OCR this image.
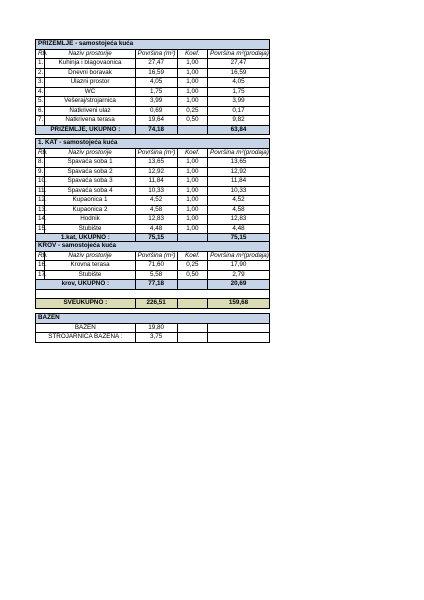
PRIZEMLJE - samostojeća kuća				
Rb.	Naziv prostorije	Površina (m²)	Koef.	Površina m²(prodaja)
1.	Kuhinja i blagovaonica	27,47	1,00	27,47
2.	Dnevni boravak	16,59	1,00	16,59
3.	Ulazni prostor	4,05	1,00	4,05
4.	WC	1,75	1,00	1,75
5.	Vešeraj/strojarnica	3,99	1,00	3,99
6.	Natkriveni ulaz	0,69	0,25	0,17
7.	Natkrivena terasa	19,64	0,50	9,82
PRIZEMLJE, UKUPNO :		74,18		63,84
1. KAT - samostojeća kuća				
Rb.	Naziv prostorije	Površina (m²)	Koef.	Površina m²(prodaja)
8.	Spavaća soba 1	13,65	1,00	13,65
9.	Spavaća soba 2	12,92	1,00	12,92
10.	Spavaća soba 3	11,84	1,00	11,84
11.	Spavaća soba 4	10,33	1,00	10,33
12.	Kupaonica 1	4,52	1,00	4,52
13.	Kupaonica 2	4,58	1,00	4,58
14.	Hodnik	12,83	1,00	12,83
15.	Stubište	4,48	1,00	4,48
1.kat, UKUPNO :		75,15		75,15
KROV - samostojeća kuća				
Rb.	Naziv prostorije	Površina (m²)	Koef.	Površina m²(prodaja)
16.	Krovna terasa	71,60	0,25	17,90
17.	Stubište	5,58	0,50	2,79
krov, UKUPNO :		77,18		20,69

SVEUKUPNO :		226,51		159,68
BAZEN			
BAZEN	19,80		
STROJARNICA BAZENA :	3,75		
